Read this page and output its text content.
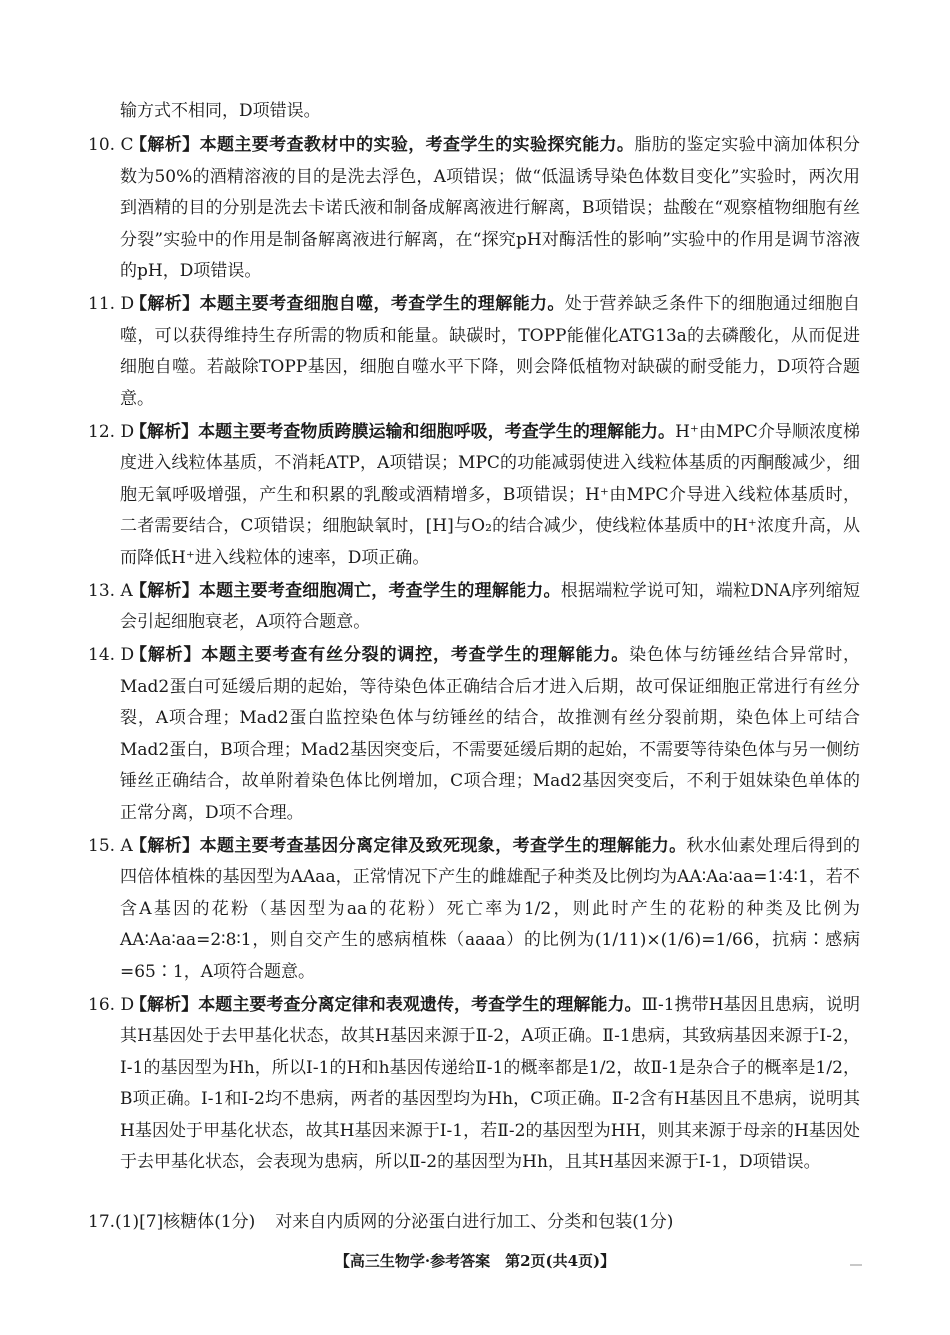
输方式不相同，D项错误。

10. C

【解析】本题主要考查教材中的实验，考查学生的实验探究能力。脂肪的鉴定实验中滴加体积分数为50%的酒精溶液的目的是洗去浮色，A项错误；做“低温诱导染色体数目变化”实验时，两次用到酒精的目的分别是洗去卡诺氏液和制备成解离液进行解离，B项错误；盐酸在“观察植物细胞有丝分裂”实验中的作用是制备解离液进行解离，在“探究pH对酶活性的影响”实验中的作用是调节溶液的pH，D项错误。

11. D

【解析】本题主要考查细胞自噬，考查学生的理解能力。处于营养缺乏条件下的细胞通过细胞自噬，可以获得维持生存所需的物质和能量。缺碳时，TOPP能催化ATG13a的去磷酸化，从而促进细胞自噬。若敲除TOPP基因，细胞自噬水平下降，则会降低植物对缺碳的耐受能力，D项符合题意。

12. D

【解析】本题主要考查物质跨膜运输和细胞呼吸，考查学生的理解能力。H⁺由MPC介导顺浓度梯度进入线粒体基质，不消耗ATP，A项错误；MPC的功能减弱使进入线粒体基质的丙酮酸减少，细胞无氧呼吸增强，产生和积累的乳酸或酒精增多，B项错误；H⁺由MPC介导进入线粒体基质时，二者需要结合，C项错误；细胞缺氧时，[H]与O₂的结合减少，使线粒体基质中的H⁺浓度升高，从而降低H⁺进入线粒体的速率，D项正确。

13. A

【解析】本题主要考查细胞凋亡，考查学生的理解能力。根据端粒学说可知，端粒DNA序列缩短会引起细胞衰老，A项符合题意。

14. D

【解析】本题主要考查有丝分裂的调控，考查学生的理解能力。染色体与纺锤丝结合异常时，Mad2蛋白可延缓后期的起始，等待染色体正确结合后才进入后期，故可保证细胞正常进行有丝分裂，A项合理；Mad2蛋白监控染色体与纺锤丝的结合，故推测有丝分裂前期，染色体上可结合Mad2蛋白，B项合理；Mad2基因突变后，不需要延缓后期的起始，不需要等待染色体与另一侧纺锤丝正确结合，故单附着染色体比例增加，C项合理；Mad2基因突变后，不利于姐妹染色单体的正常分离，D项不合理。

15. A

【解析】本题主要考查基因分离定律及致死现象，考查学生的理解能力。秋水仙素处理后得到的四倍体植株的基因型为AAaa，正常情况下产生的雌雄配子种类及比例均为AA∶Aa∶aa=1∶4∶1，若不含A基因的花粉（基因型为aa的花粉）死亡率为1/2，则此时产生的花粉的种类及比例为AA∶Aa∶aa=2∶8∶1，则自交产生的感病植株（aaaa）的比例为(1/11)×(1/6)=1/66，抗病∶感病=65∶1，A项符合题意。

16. D

【解析】本题主要考查分离定律和表观遗传，考查学生的理解能力。Ⅲ-1携带H基因且患病，说明其H基因处于去甲基化状态，故其H基因来源于Ⅱ-2，A项正确。Ⅱ-1患病，其致病基因来源于Ⅰ-2，Ⅰ-1的基因型为Hh，所以Ⅰ-1的H和h基因传递给Ⅱ-1的概率都是1/2，故Ⅱ-1是杂合子的概率是1/2，B项正确。Ⅰ-1和Ⅰ-2均不患病，两者的基因型均为Hh，C项正确。Ⅱ-2含有H基因且不患病，说明其H基因处于甲基化状态，故其H基因来源于Ⅰ-1，若Ⅱ-2的基因型为HH，则其来源于母亲的H基因处于去甲基化状态，会表现为患病，所以Ⅱ-2的基因型为Hh，且其H基因来源于Ⅰ-1，D项错误。

17.(1)[7]核糖体(1分) 对来自内质网的分泌蛋白进行加工、分类和包装(1分)
【高三生物学·参考答案　第2页(共4页)】
